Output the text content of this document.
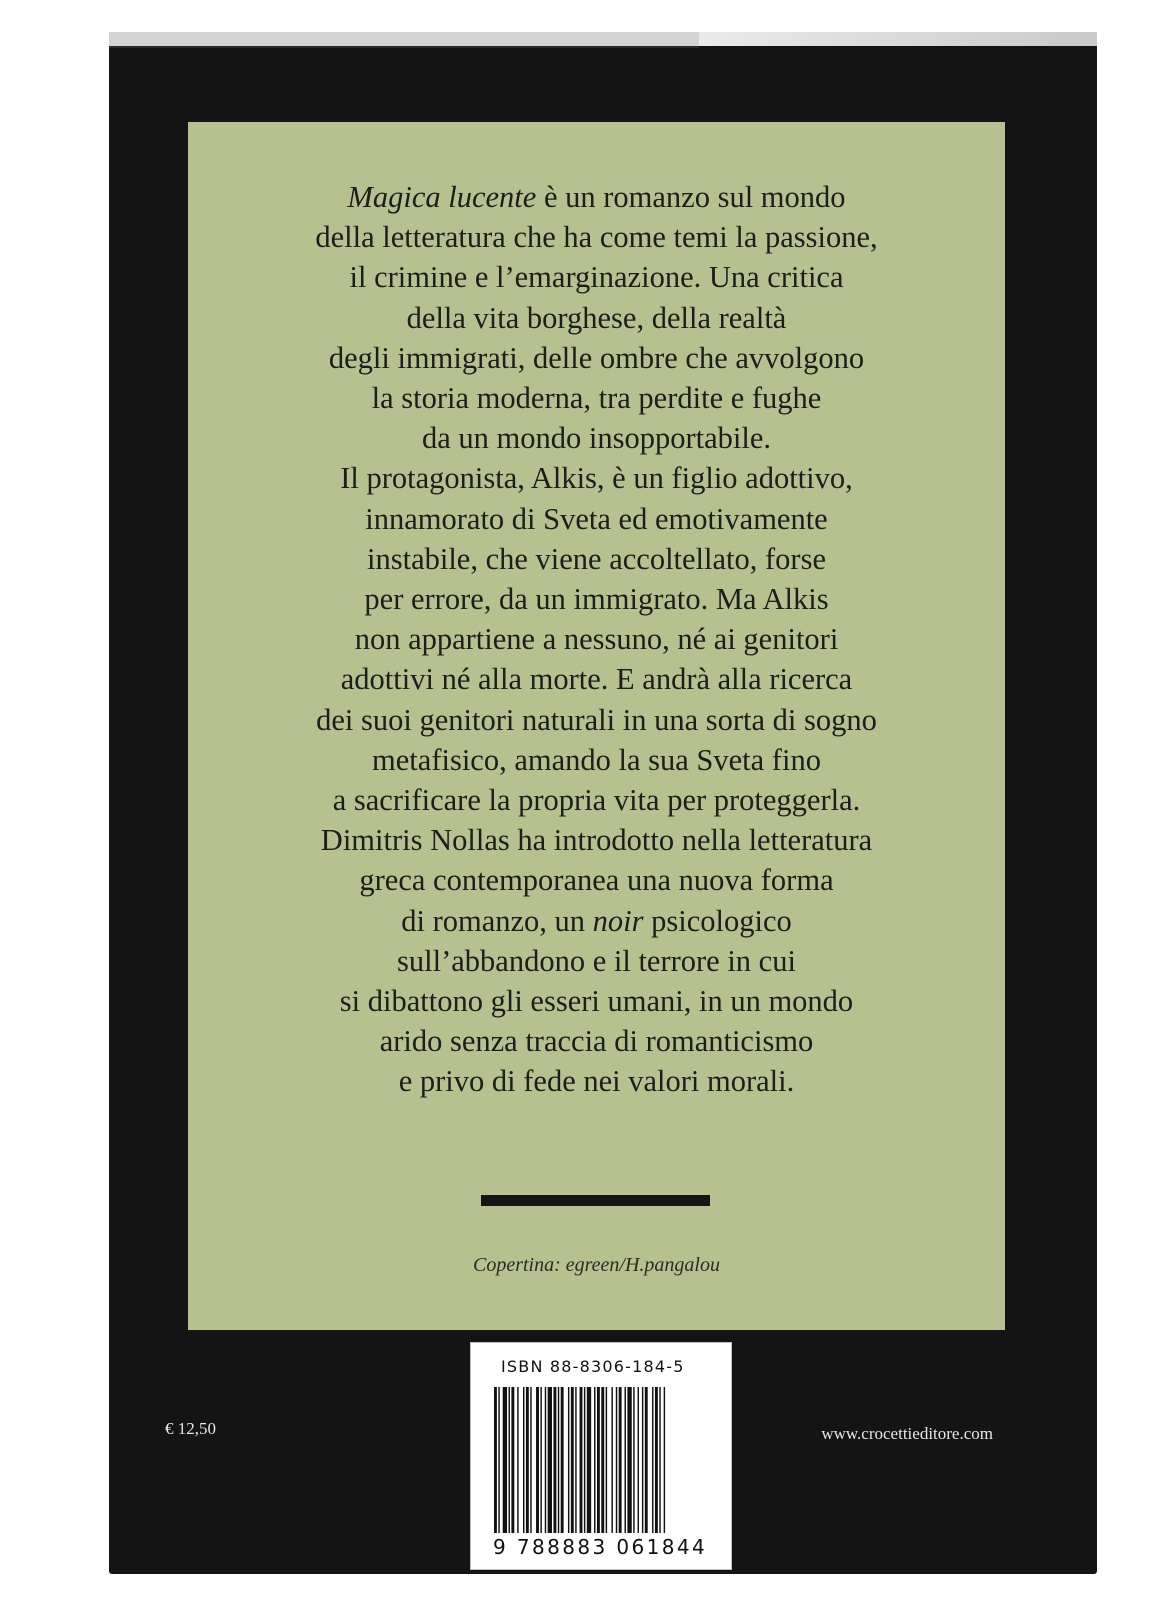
Magica lucente è un romanzo sul mondo
della letteratura che ha come temi la passione,
il crimine e l’emarginazione. Una critica
della vita borghese, della realtà
degli immigrati, delle ombre che avvolgono
la storia moderna, tra perdite e fughe
da un mondo insopportabile.
Il protagonista, Alkis, è un figlio adottivo,
innamorato di Sveta ed emotivamente
instabile, che viene accoltellato, forse
per errore, da un immigrato. Ma Alkis
non appartiene a nessuno, né ai genitori
adottivi né alla morte. E andrà alla ricerca
dei suoi genitori naturali in una sorta di sogno
metafisico, amando la sua Sveta fino
a sacrificare la propria vita per proteggerla.
Dimitris Nollas ha introdotto nella letteratura
greca contemporanea una nuova forma
di romanzo, un noir psicologico
sull’abbandono e il terrore in cui
si dibattono gli esseri umani, in un mondo
arido senza traccia di romanticismo
e privo di fede nei valori morali.
Copertina: egreen/H.pangalou
ISBN 88-8306-184-5
9 788883 061844
€ 12,50	www.crocettieditore.com
